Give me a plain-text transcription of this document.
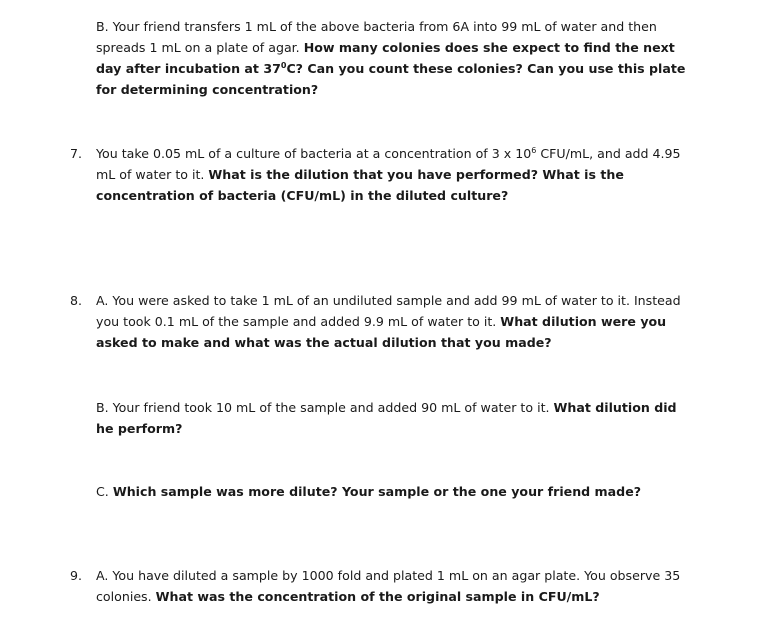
B. Your friend transfers 1 mL of the above bacteria from 6A into 99 mL of water and then spreads 1 mL on a plate of agar. How many colonies does she expect to find the next day after incubation at $37^0C$? Can you count these colonies? Can you use this plate for determining concentration?
7. You take 0.05 mL of a culture of bacteria at a concentration of 3 x $10^6$ CFU/mL, and add 4.95 mL of water to it. What is the dilution that you have performed? What is the concentration of bacteria (CFU/mL) in the diluted culture?
8. A. You were asked to take 1 mL of an undiluted sample and add 99 mL of water to it. Instead you took 0.1 mL of the sample and added 9.9 mL of water to it. What dilution were you asked to make and what was the actual dilution that you made?
B. Your friend took 10 mL of the sample and added 90 mL of water to it. What dilution did he perform?
C. Which sample was more dilute? Your sample or the one your friend made?
9. A. You have diluted a sample by 1000 fold and plated 1 mL on an agar plate. You observe 35 colonies. What was the concentration of the original sample in CFU/mL?
